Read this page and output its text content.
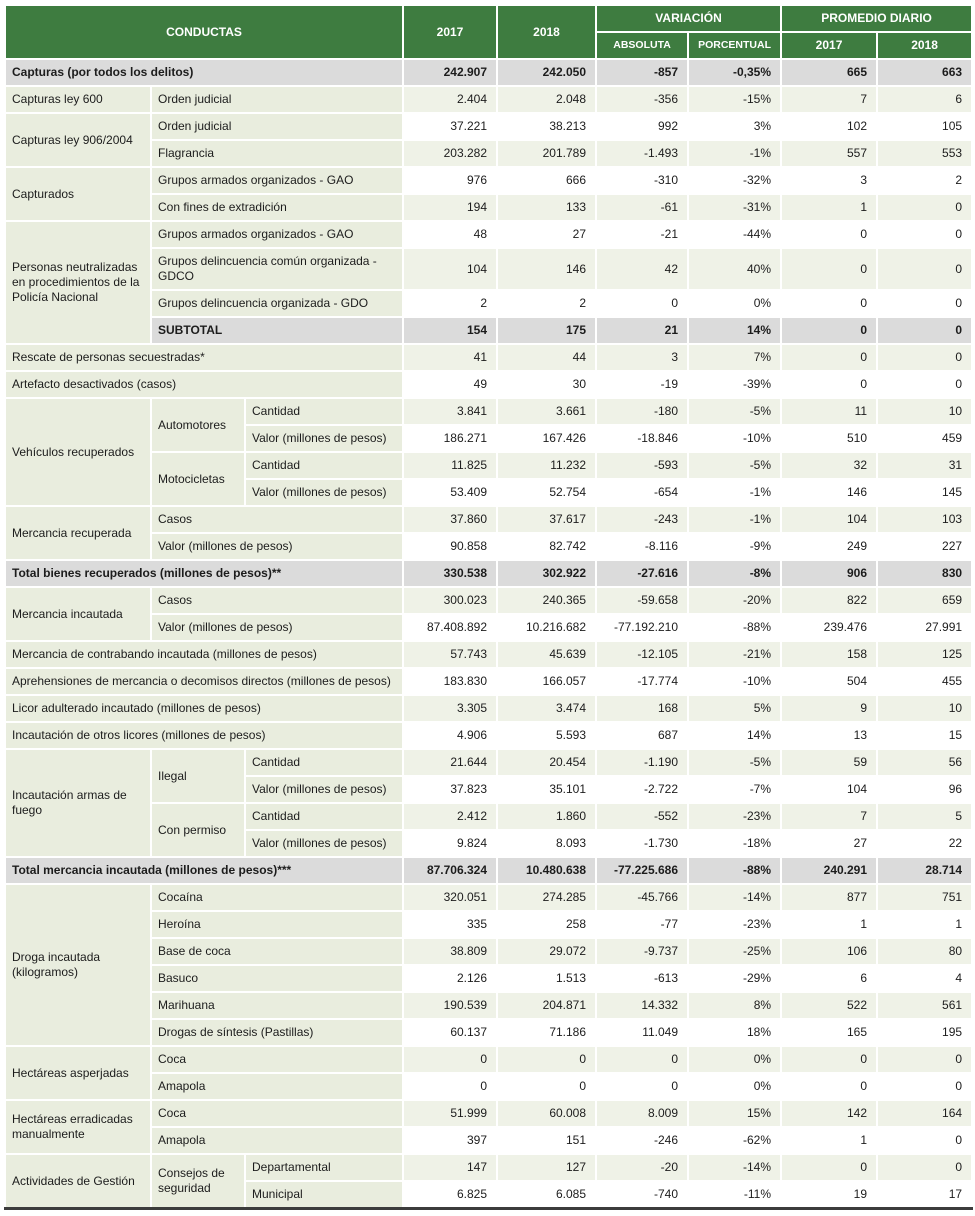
CONDUCTAS			2017	2018	VARIACIÓN		PROMEDIO DIARIO	
					ABSOLUTA	PORCENTUAL	2017	2018
Capturas (por todos los delitos)			242.907	242.050	-857	-0,35%	665	663
Capturas ley 600	Orden judicial		2.404	2.048	-356	-15%	7	6
Capturas ley 906/2004	Orden judicial		37.221	38.213	992	3%	102	105
	Flagrancia		203.282	201.789	-1.493	-1%	557	553
Capturados	Grupos armados organizados - GAO		976	666	-310	-32%	3	2
	Con fines de extradición		194	133	-61	-31%	1	0
Personas neutralizadas en procedimientos de la Policía Nacional	Grupos armados organizados - GAO		48	27	-21	-44%	0	0
	Grupos delincuencia común organizada - GDCO		104	146	42	40%	0	0
	Grupos delincuencia organizada - GDO		2	2	0	0%	0	0
	SUBTOTAL		154	175	21	14%	0	0
Rescate de personas secuestradas*			41	44	3	7%	0	0
Artefacto desactivados (casos)			49	30	-19	-39%	0	0
Vehículos recuperados	Automotores	Cantidad	3.841	3.661	-180	-5%	11	10
		Valor (millones de pesos)	186.271	167.426	-18.846	-10%	510	459
	Motocicletas	Cantidad	11.825	11.232	-593	-5%	32	31
		Valor (millones de pesos)	53.409	52.754	-654	-1%	146	145
Mercancia recuperada	Casos		37.860	37.617	-243	-1%	104	103
	Valor (millones de pesos)		90.858	82.742	-8.116	-9%	249	227
Total bienes recuperados (millones de pesos)**			330.538	302.922	-27.616	-8%	906	830
Mercancia incautada	Casos		300.023	240.365	-59.658	-20%	822	659
	Valor (millones de pesos)		87.408.892	10.216.682	-77.192.210	-88%	239.476	27.991
Mercancia de contrabando incautada (millones de pesos)			57.743	45.639	-12.105	-21%	158	125
Aprehensiones de mercancia o decomisos directos (millones de pesos)			183.830	166.057	-17.774	-10%	504	455
Licor adulterado incautado (millones de pesos)			3.305	3.474	168	5%	9	10
Incautación de otros licores (millones de pesos)			4.906	5.593	687	14%	13	15
Incautación armas de fuego	Ilegal	Cantidad	21.644	20.454	-1.190	-5%	59	56
		Valor (millones de pesos)	37.823	35.101	-2.722	-7%	104	96
	Con permiso	Cantidad	2.412	1.860	-552	-23%	7	5
		Valor (millones de pesos)	9.824	8.093	-1.730	-18%	27	22
Total mercancia incautada (millones de pesos)***			87.706.324	10.480.638	-77.225.686	-88%	240.291	28.714
Droga incautada (kilogramos)	Cocaína		320.051	274.285	-45.766	-14%	877	751
	Heroína		335	258	-77	-23%	1	1
	Base de coca		38.809	29.072	-9.737	-25%	106	80
	Basuco		2.126	1.513	-613	-29%	6	4
	Marihuana		190.539	204.871	14.332	8%	522	561
	Drogas de síntesis (Pastillas)		60.137	71.186	11.049	18%	165	195
Hectáreas asperjadas	Coca		0	0	0	0%	0	0
	Amapola		0	0	0	0%	0	0
Hectáreas erradicadas manualmente	Coca		51.999	60.008	8.009	15%	142	164
	Amapola		397	151	-246	-62%	1	0
Actividades de Gestión	Consejos de seguridad	Departamental	147	127	-20	-14%	0	0
		Municipal	6.825	6.085	-740	-11%	19	17
